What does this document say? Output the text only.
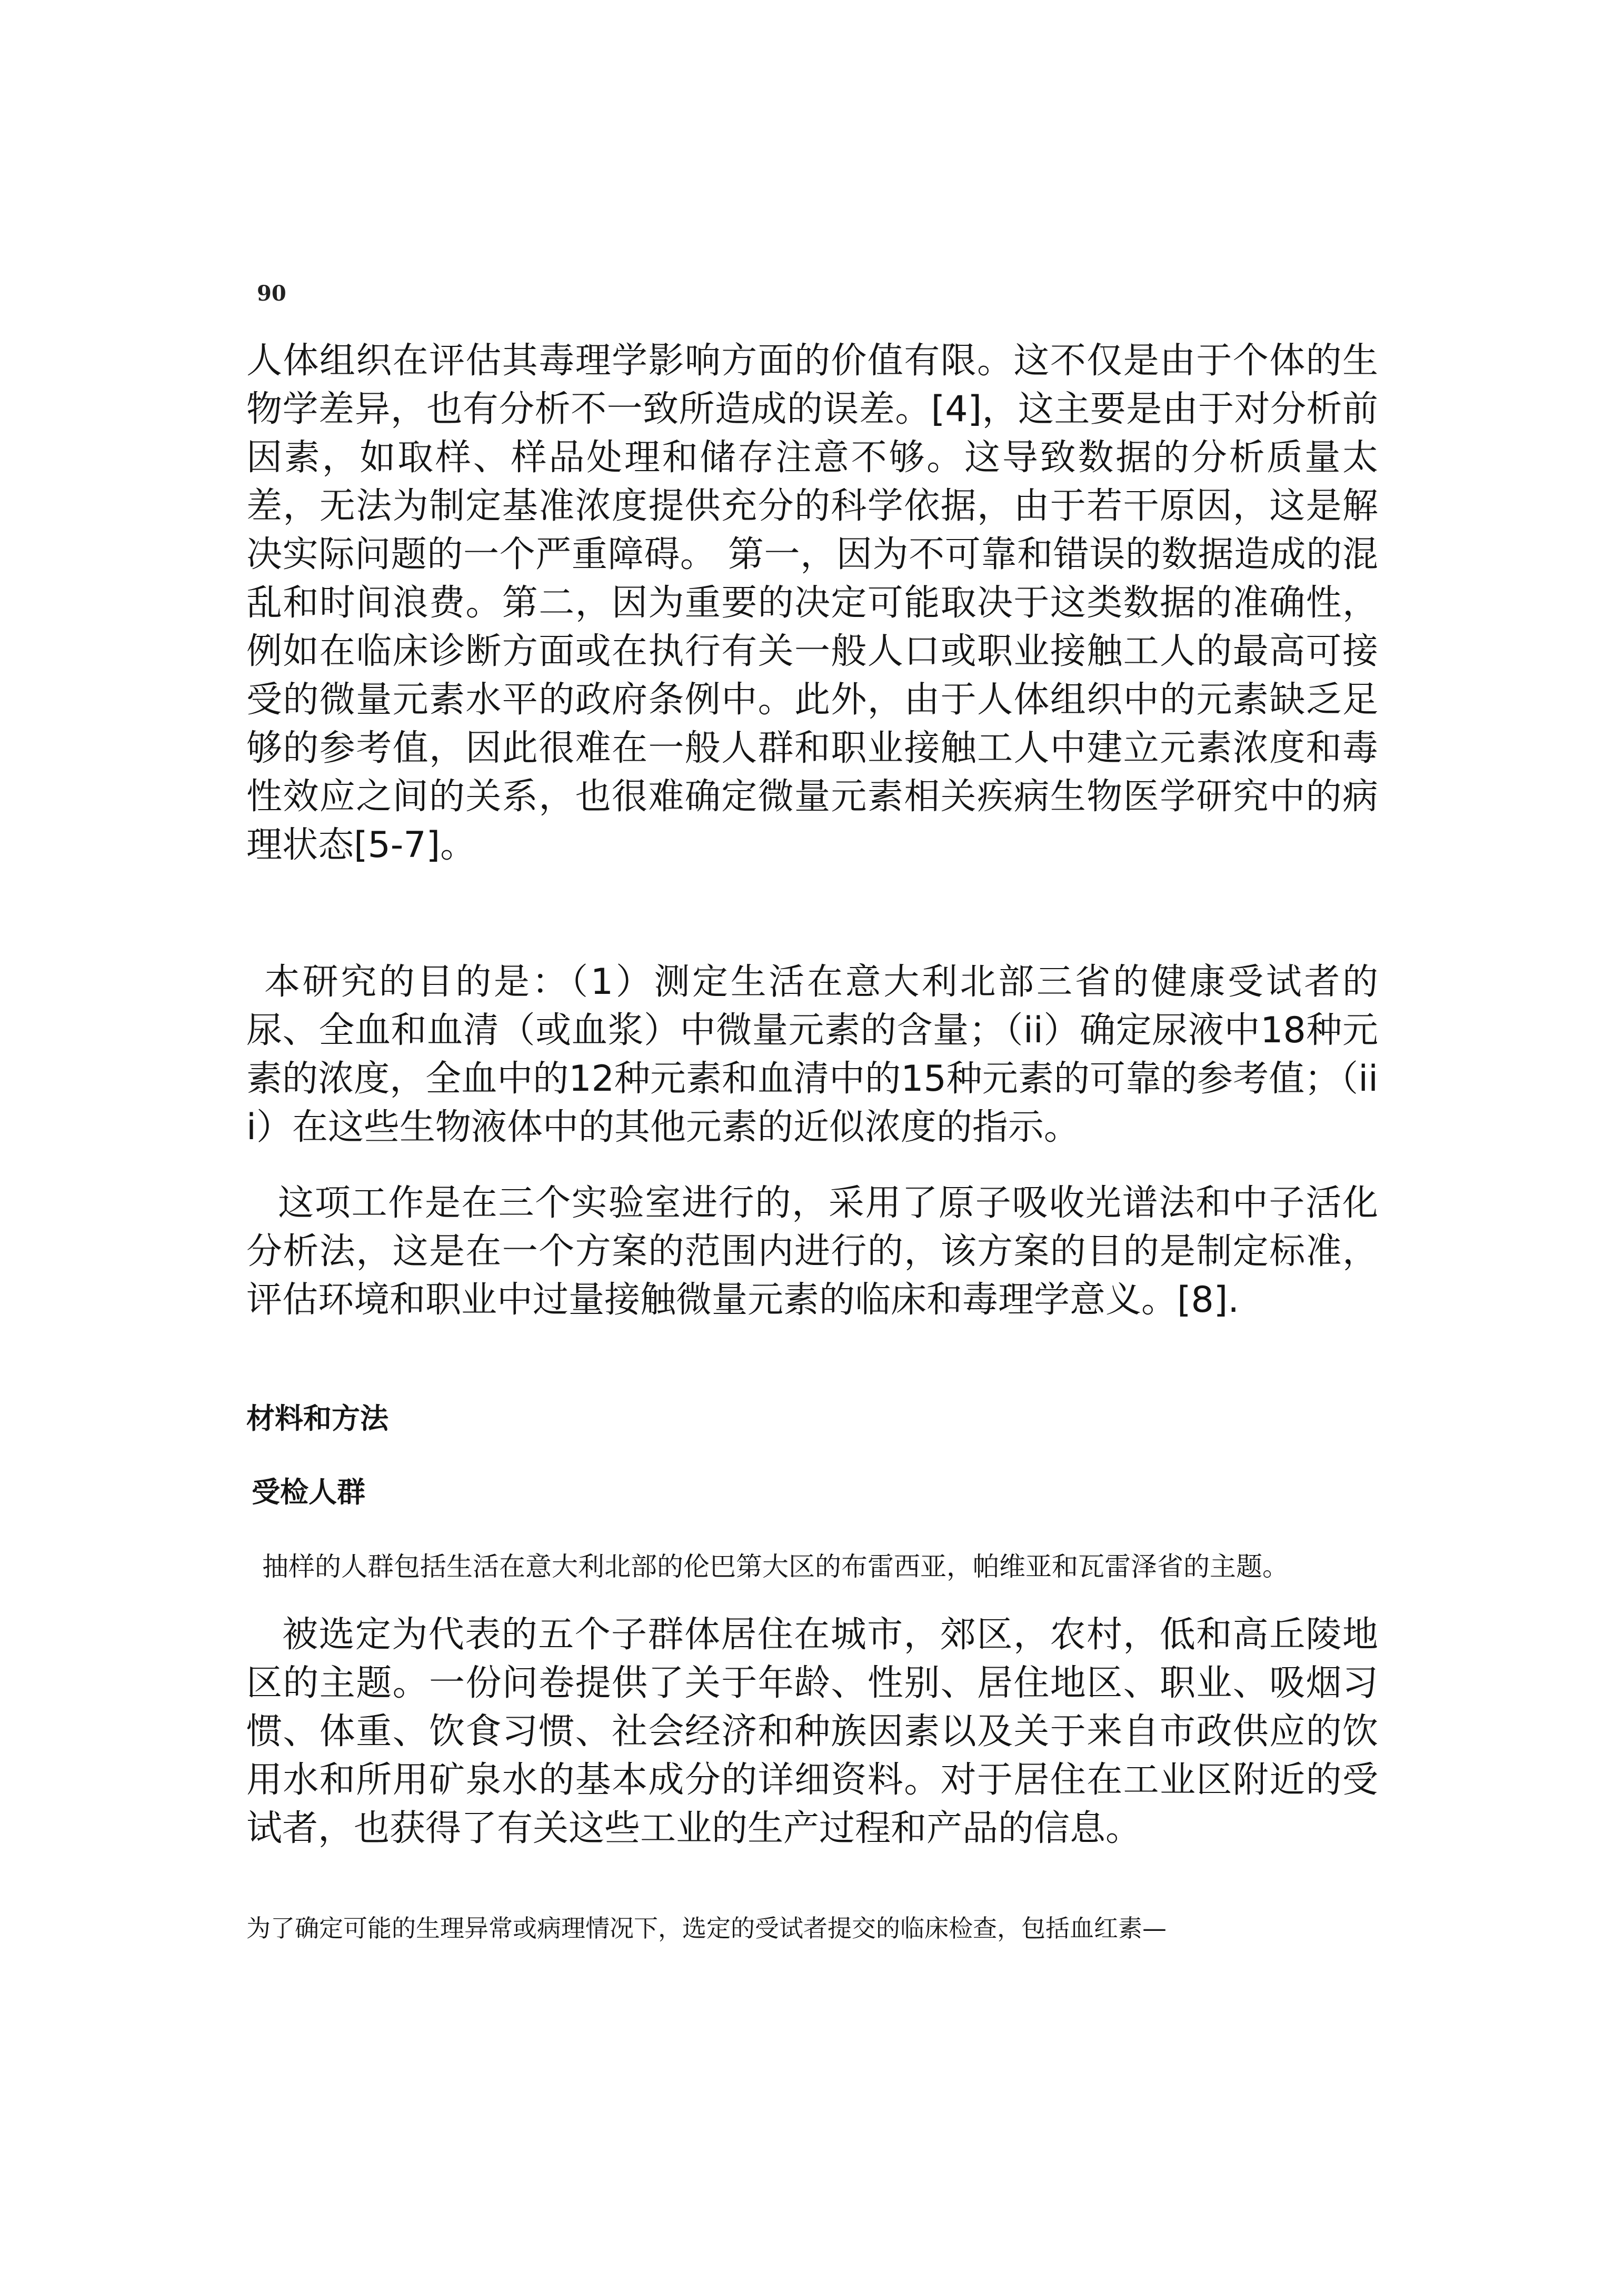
90

人体组织在评估其毒理学影响方面的价值有限。这不仅是由于个体的生物学差异，也有分析不一致所造成的误差。[4]，这主要是由于对分析前因素，如取样、样品处理和储存注意不够。这导致数据的分析质量太差，无法为制定基准浓度提供充分的科学依据，由于若干原因，这是解决实际问题的一个严重障碍。 第一，因为不可靠和错误的数据造成的混乱和时间浪费。第二，因为重要的决定可能取决于这类数据的准确性，例如在临床诊断方面或在执行有关一般人口或职业接触工人的最高可接受的微量元素水平的政府条例中。此外，由于人体组织中的元素缺乏足够的参考值，因此很难在一般人群和职业接触工人中建立元素浓度和毒性效应之间的关系，也很难确定微量元素相关疾病生物医学研究中的病理状态[5-7]。

本研究的目的是：（1）测定生活在意大利北部三省的健康受试者的尿、全血和血清（或血浆）中微量元素的含量；（ii）确定尿液中18种元素的浓度，全血中的12种元素和血清中的15种元素的可靠的参考值；（iii）在这些生物液体中的其他元素的近似浓度的指示。

这项工作是在三个实验室进行的，采用了原子吸收光谱法和中子活化分析法，这是在一个方案的范围内进行的，该方案的目的是制定标准，评估环境和职业中过量接触微量元素的临床和毒理学意义。[8].

材料和方法
受检人群

抽样的人群包括生活在意大利北部的伦巴第大区的布雷西亚，帕维亚和瓦雷泽省的主题。

被选定为代表的五个子群体居住在城市，郊区，农村，低和高丘陵地区的主题。一份问卷提供了关于年龄、性别、居住地区、职业、吸烟习惯、体重、饮食习惯、社会经济和种族因素以及关于来自市政供应的饮用水和所用矿泉水的基本成分的详细资料。对于居住在工业区附近的受试者，也获得了有关这些工业的生产过程和产品的信息。

为了确定可能的生理异常或病理情况下，选定的受试者提交的临床检查，包括血红素—
